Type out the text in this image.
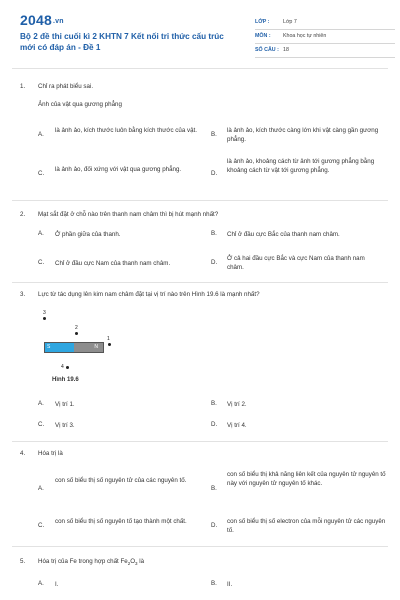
2048.vn
Bộ 2 đề thi cuối kì 2 KHTN 7 Kết nối tri thức cấu trúc mới có đáp án - Đề 1
LỚP :	Lớp 7
MÔN : Khoa học tự nhiên
SỐ CÂU : 18
1. Chỉ ra phát biểu sai.
Ảnh của vật qua gương phẳng
A.
là ảnh ảo, kích thước luôn bằng kích thước của vật.
B.
là ảnh ảo, kích thước càng lớn khi vật càng gần gương phẳng.
C.
là ảnh ảo, đối xứng với vật qua gương phẳng.
D.
là ảnh ảo, khoảng cách từ ảnh tới gương phẳng bằng khoảng cách từ vật tới gương phẳng.
2. Mạt sắt đặt ở chỗ nào trên thanh nam châm thì bị hút mạnh nhất?
A. Ở phần giữa của thanh.	B. Chỉ ở đầu cực Bắc của thanh nam châm.
C. Chỉ ở đầu cực Nam của thanh nam châm.	D.
Ở cả hai đầu cực Bắc và cực Nam của thanh nam châm.
3. Lực từ tác dụng lên kim nam châm đặt tại vị trí nào trên Hình 19.6 là mạnh nhất?
3
2
1
S	N
4
Hình 19.6
A. Vị trí 1.	B. Vị trí 2.
C. Vị trí 3.	D. Vị trí 4.
4. Hóa trị là
A.
con số biểu thị số nguyên tử của các nguyên tố.
B.
con số biểu thị khả năng liên kết của nguyên tử nguyên tố này với nguyên tử nguyên tố khác.
C.
con số biểu thị số nguyên tố tạo thành một chất.
D.
con số biểu thị số electron của mỗi nguyên tử các nguyên tố.
5. Hóa trị của Fe trong hợp chất $Fe_2O_3$ là
A. I.	B. II.
